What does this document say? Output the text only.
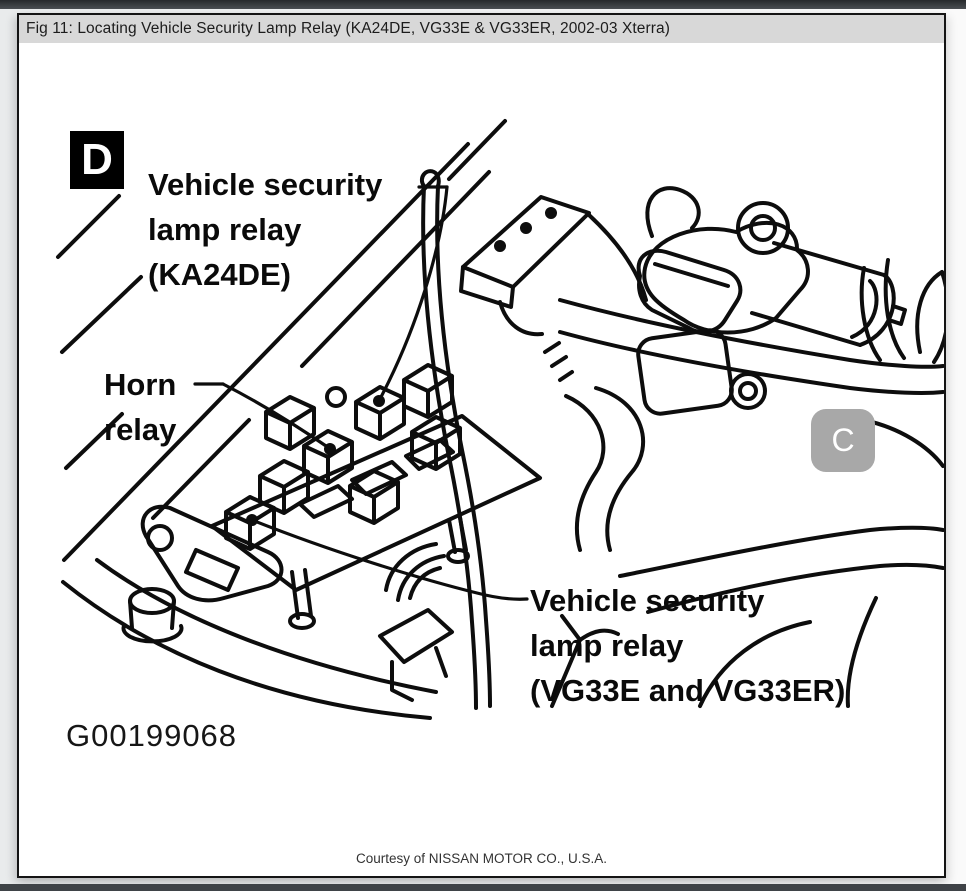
Fig 11: Locating Vehicle Security Lamp Relay (KA24DE, VG33E & VG33ER, 2002-03 Xterra)
D
Vehicle security
lamp relay
(KA24DE)
Horn
relay
Vehicle security
lamp relay
(VG33E and VG33ER)
G00199068
C
Courtesy of NISSAN MOTOR CO., U.S.A.
